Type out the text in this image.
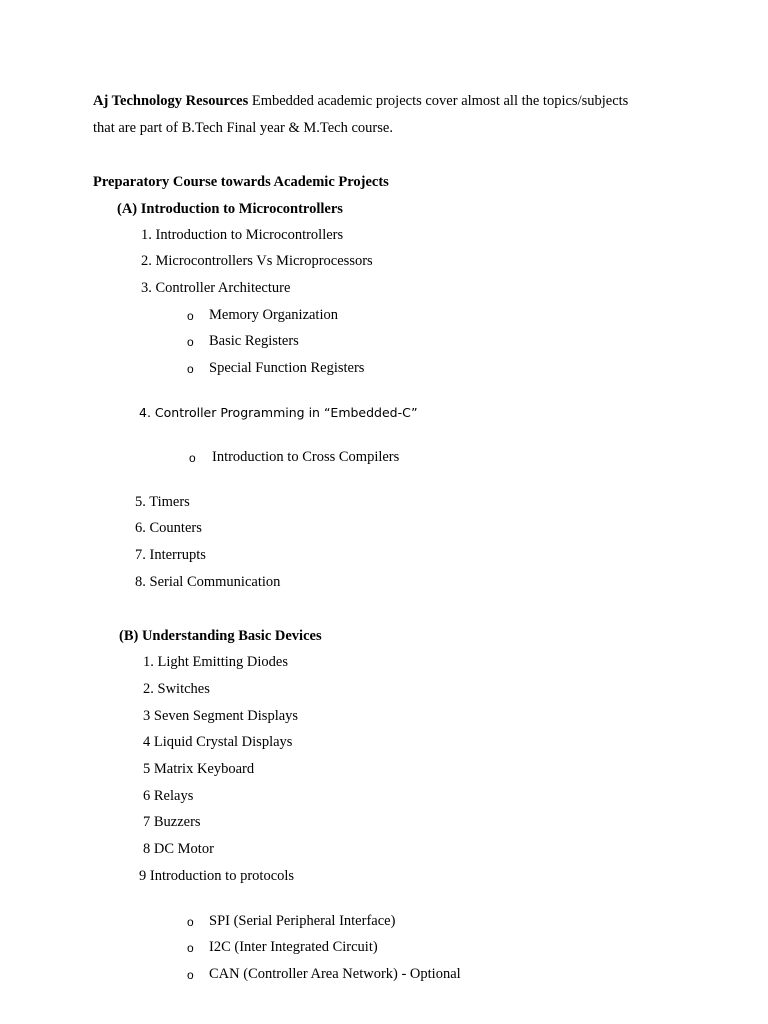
Aj Technology Resources Embedded academic projects cover almost all the topics/subjects
that are part of B.Tech Final year & M.Tech course.
Preparatory Course towards Academic Projects
(A) Introduction to Microcontrollers
1. Introduction to Microcontrollers
2. Microcontrollers Vs Microprocessors
3. Controller Architecture
o Memory Organization
o Basic Registers
o Special Function Registers
4. Controller Programming in “Embedded-C”
o Introduction to Cross Compilers
5. Timers
6. Counters
7. Interrupts
8. Serial Communication
(B) Understanding Basic Devices
1. Light Emitting Diodes
2. Switches
3 Seven Segment Displays
4 Liquid Crystal Displays
5 Matrix Keyboard
6 Relays
7 Buzzers
8 DC Motor
9 Introduction to protocols
o SPI (Serial Peripheral Interface)
o I2C (Inter Integrated Circuit)
o CAN (Controller Area Network) - Optional
